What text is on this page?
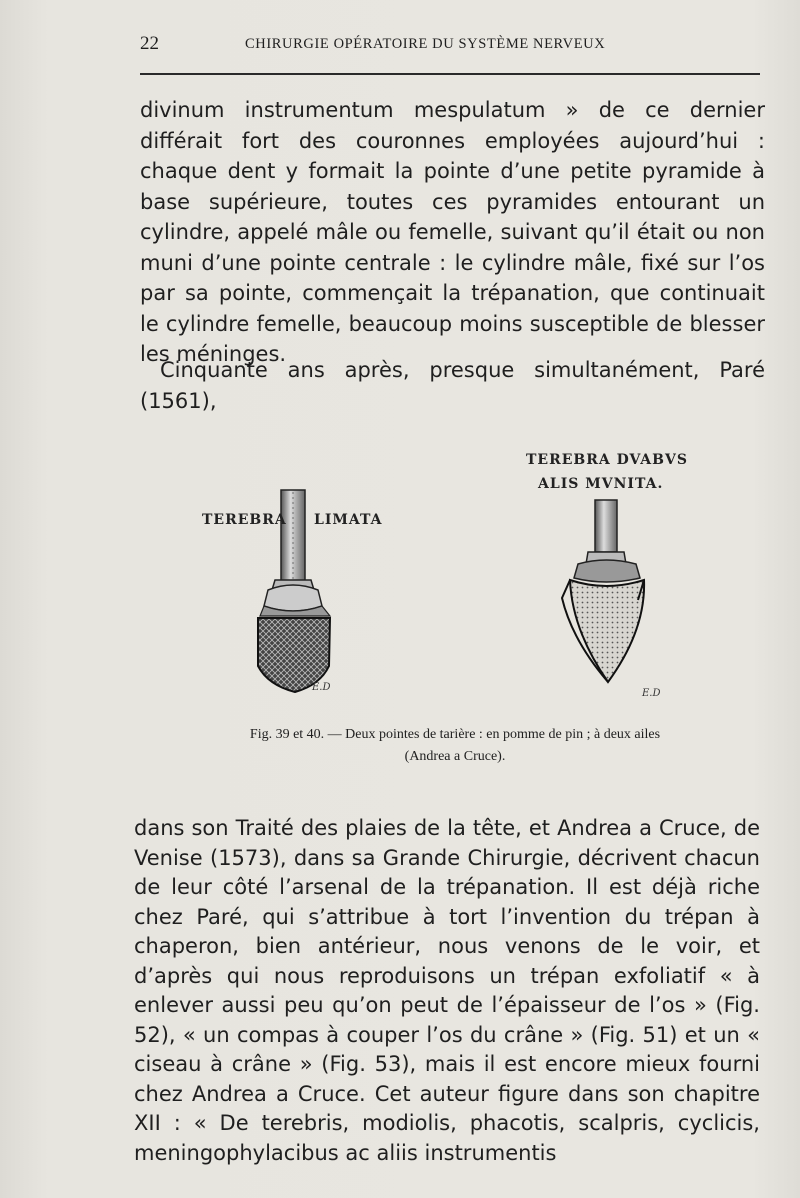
22	CHIRURGIE OPÉRATOIRE DU SYSTÈME NERVEUX

divinum instrumentum mespulatum » de ce dernier différait fort des couronnes employées aujourd’hui : chaque dent y formait la pointe d’une petite pyramide à base supérieure, toutes ces pyramides entourant un cylindre, appelé mâle ou femelle, suivant qu’il était ou non muni d’une pointe centrale : le cylindre mâle, fixé sur l’os par sa pointe, commençait la trépanation, que continuait le cylindre femelle, beaucoup moins susceptible de blesser les méninges.

Cinquante ans après, presque simultanément, Paré (1561),

TEREBRA LIMATA
TEREBRA DVABVS
ALIS MVNITA.
E.D
E.D
Fig. 39 et 40. — Deux pointes de tarière : en pomme de pin ; à deux ailes
(Andrea a Cruce).

dans son Traité des plaies de la tête, et Andrea a Cruce, de Venise (1573), dans sa Grande Chirurgie, décrivent chacun de leur côté l’arsenal de la trépanation. Il est déjà riche chez Paré, qui s’attribue à tort l’invention du trépan à chaperon, bien antérieur, nous venons de le voir, et d’après qui nous reproduisons un trépan exfoliatif « à enlever aussi peu qu’on peut de l’épaisseur de l’os » (Fig. 52), « un compas à couper l’os du crâne » (Fig. 51) et un « ciseau à crâne » (Fig. 53), mais il est encore mieux fourni chez Andrea a Cruce. Cet auteur figure dans son chapitre XII : « De terebris, modiolis, phacotis, scalpris, cyclicis, meningophylacibus ac aliis instrumentis
